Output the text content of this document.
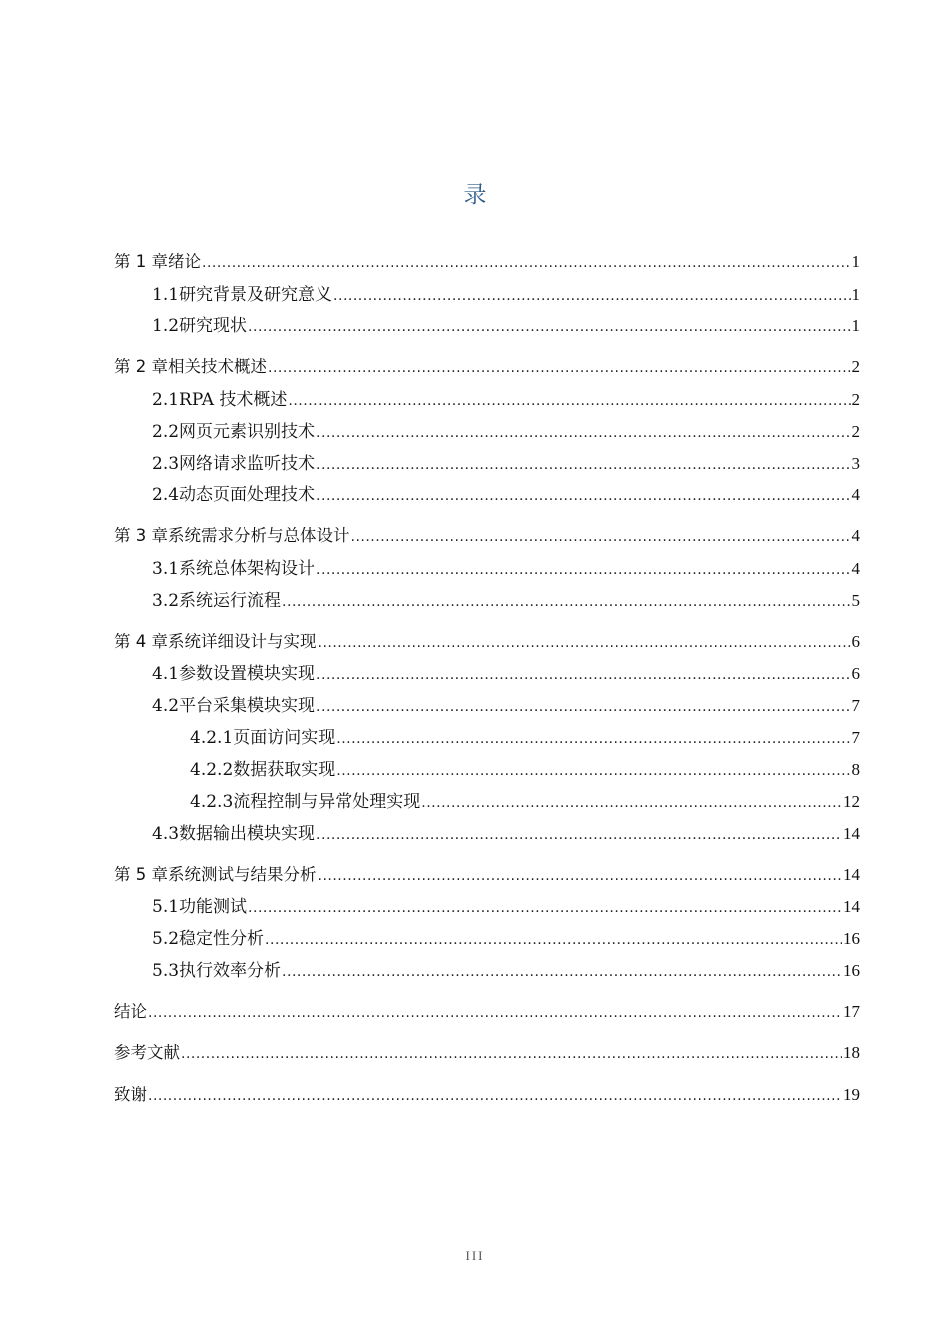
录
第 1 章 绪论 .....	1
1.1 研究背景及研究意义 .....	1
1.2 研究现状 .....	1
第 2 章 相关技术概述 .....	2
2.1 RPA 技术概述 .....	2
2.2 网页元素识别技术 .....	2
2.3 网络请求监听技术 .....	3
2.4 动态页面处理技术 .....	4
第 3 章 系统需求分析与总体设计 .....	4
3.1 系统总体架构设计 .....	4
3.2 系统运行流程 .....	5
第 4 章 系统详细设计与实现 .....	6
4.1 参数设置模块实现 .....	6
4.2 平台采集模块实现 .....	7
4.2.1 页面访问实现 .....	7
4.2.2 数据获取实现 .....	8
4.2.3 流程控制与异常处理实现 .....	12
4.3 数据输出模块实现 .....	14
第 5 章 系统测试与结果分析 .....	14
5.1 功能测试 .....	14
5.2 稳定性分析 .....	16
5.3 执行效率分析 .....	16
结论 .....	17
参考文献 .....	18
致谢 .....	19
III
